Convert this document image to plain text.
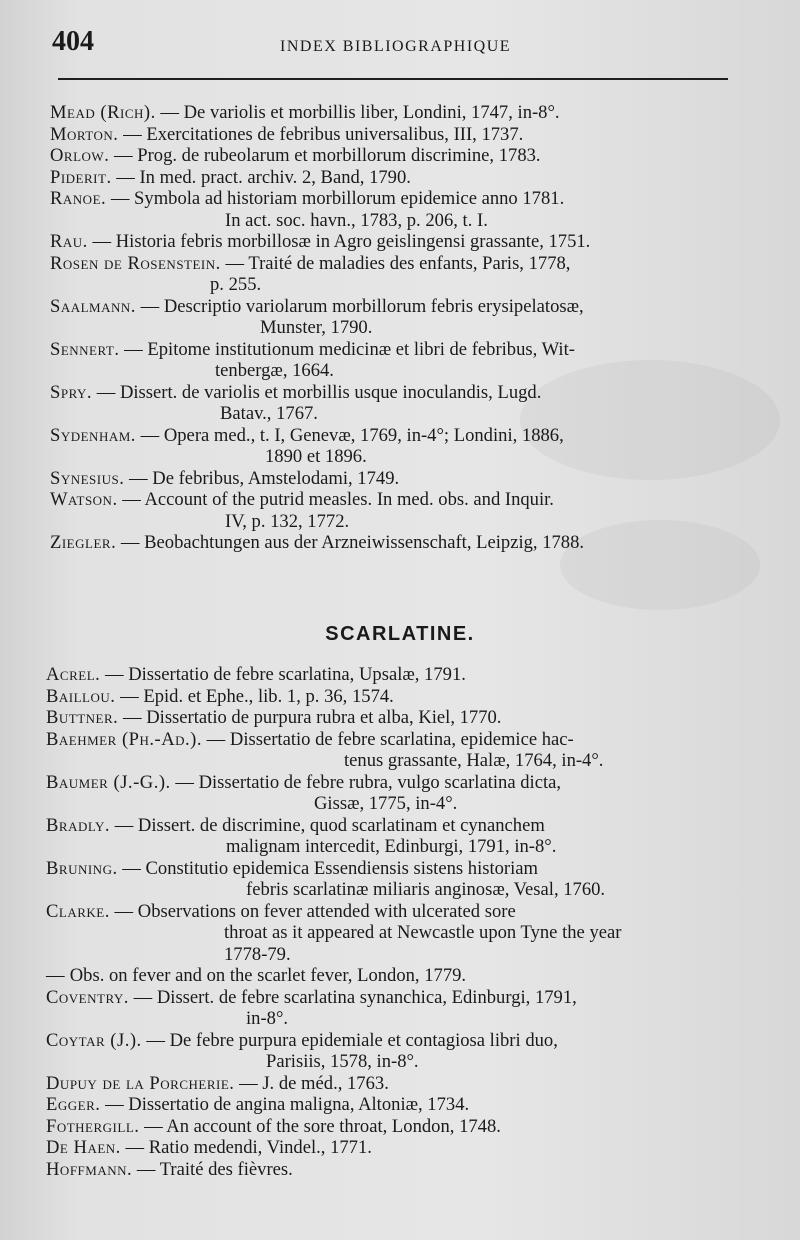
404	INDEX BIBLIOGRAPHIQUE
Mead (Rich). — De variolis et morbillis liber, Londini, 1747, in-8°.
Morton. — Exercitationes de febribus universalibus, III, 1737.
Orlow. — Prog. de rubeolarum et morbillorum discrimine, 1783.
Piderit. — In med. pract. archiv. 2, Band, 1790.
Ranoe. — Symbola ad historiam morbillorum epidemice anno 1781.
In act. soc. havn., 1783, p. 206, t. I.
Rau. — Historia febris morbillosæ in Agro geislingensi grassante, 1751.
Rosen de Rosenstein. — Traité de maladies des enfants, Paris, 1778,
p. 255.
Saalmann. — Descriptio variolarum morbillorum febris erysipelatosæ,
Munster, 1790.
Sennert. — Epitome institutionum medicinæ et libri de febribus, Wit-
tenbergæ, 1664.
Spry. — Dissert. de variolis et morbillis usque inoculandis, Lugd.
Batav., 1767.
Sydenham. — Opera med., t. I, Genevæ, 1769, in-4°; Londini, 1886,
1890 et 1896.
Synesius. — De febribus, Amstelodami, 1749.
Watson. — Account of the putrid measles. In med. obs. and Inquir.
IV, p. 132, 1772.
Ziegler. — Beobachtungen aus der Arzneiwissenschaft, Leipzig, 1788.
SCARLATINE.
Acrel. — Dissertatio de febre scarlatina, Upsalæ, 1791.
Baillou. — Epid. et Ephe., lib. 1, p. 36, 1574.
Buttner. — Dissertatio de purpura rubra et alba, Kiel, 1770.
Baehmer (Ph.-Ad.). — Dissertatio de febre scarlatina, epidemice hac-
tenus grassante, Halæ, 1764, in-4°.
Baumer (J.-G.). — Dissertatio de febre rubra, vulgo scarlatina dicta,
Gissæ, 1775, in-4°.
Bradly. — Dissert. de discrimine, quod scarlatinam et cynanchem
malignam intercedit, Edinburgi, 1791, in-8°.
Bruning. — Constitutio epidemica Essendiensis sistens historiam
febris scarlatinæ miliaris anginosæ, Vesal, 1760.
Clarke. — Observations on fever attended with ulcerated sore
throat as it appeared at Newcastle upon Tyne the year
1778-79.
— Obs. on fever and on the scarlet fever, London, 1779.
Coventry. — Dissert. de febre scarlatina synanchica, Edinburgi, 1791,
in-8°.
Coytar (J.). — De febre purpura epidemiale et contagiosa libri duo,
Parisiis, 1578, in-8°.
Dupuy de la Porcherie. — J. de méd., 1763.
Egger. — Dissertatio de angina maligna, Altoniæ, 1734.
Fothergill. — An account of the sore throat, London, 1748.
De Haen. — Ratio medendi, Vindel., 1771.
Hoffmann. — Traité des fièvres.
